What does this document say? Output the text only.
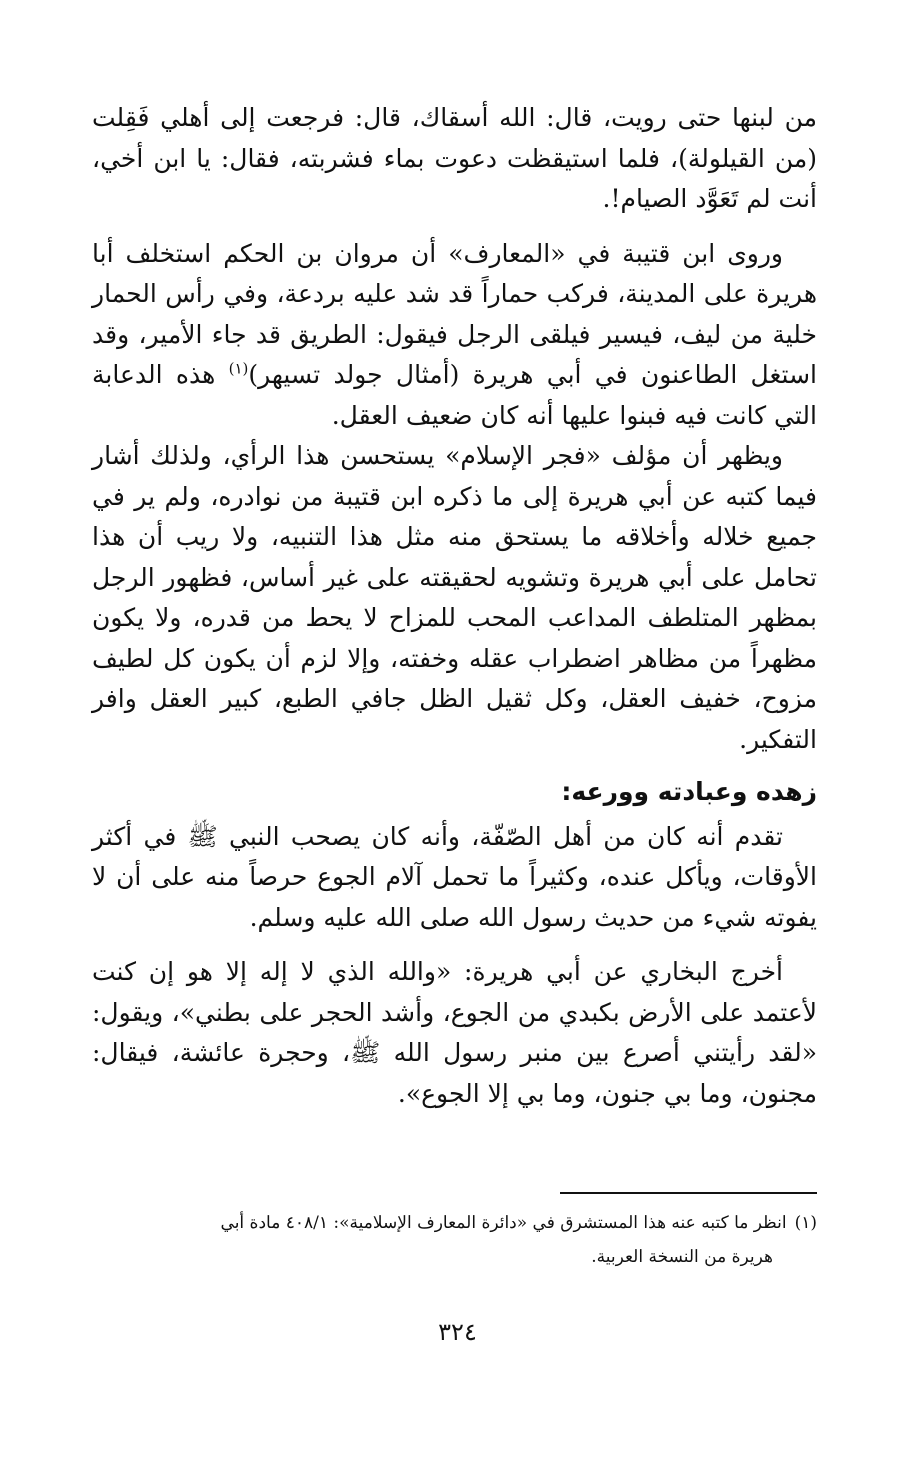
من لبنها حتى رويت، قال: الله أسقاك، قال: فرجعت إلى أهلي فَقِلت (من القيلولة)، فلما استيقظت دعوت بماء فشربته، فقال: يا ابن أخي، أنت لم تَعَوَّد الصيام!.

وروى ابن قتيبة في «المعارف» أن مروان بن الحكم استخلف أبا هريرة على المدينة، فركب حماراً قد شد عليه بردعة، وفي رأس الحمار خلية من ليف، فيسير فيلقى الرجل فيقول: الطريق قد جاء الأمير، وقد استغل الطاعنون في أبي هريرة (أمثال جولد تسيهر)$^{(١)}$ هذه الدعابة التي كانت فيه فبنوا عليها أنه كان ضعيف العقل.

ويظهر أن مؤلف «فجر الإسلام» يستحسن هذا الرأي، ولذلك أشار فيما كتبه عن أبي هريرة إلى ما ذكره ابن قتيبة من نوادره، ولم ير في جميع خلاله وأخلاقه ما يستحق منه مثل هذا التنبيه، ولا ريب أن هذا تحامل على أبي هريرة وتشويه لحقيقته على غير أساس، فظهور الرجل بمظهر المتلطف المداعب المحب للمزاح لا يحط من قدره، ولا يكون مظهراً من مظاهر اضطراب عقله وخفته، وإلا لزم أن يكون كل لطيف مزوح، خفيف العقل، وكل ثقيل الظل جافي الطبع، كبير العقل وافر التفكير.

زهده وعبادته وورعه:

تقدم أنه كان من أهل الصّفّة، وأنه كان يصحب النبي ﷺ في أكثر الأوقات، ويأكل عنده، وكثيراً ما تحمل آلام الجوع حرصاً منه على أن لا يفوته شيء من حديث رسول الله صلى الله عليه وسلم.

أخرج البخاري عن أبي هريرة: «والله الذي لا إله إلا هو إن كنت لأعتمد على الأرض بكبدي من الجوع، وأشد الحجر على بطني»، ويقول: «لقد رأيتني أصرع بين منبر رسول الله ﷺ، وحجرة عائشة، فيقال: مجنون، وما بي جنون، وما بي إلا الجوع».

(١)انظر ما كتبه عنه هذا المستشرق في «دائرة المعارف الإسلامية»: ٤٠٨/١ مادة أبي
هريرة من النسخة العربية.

٣٢٤
